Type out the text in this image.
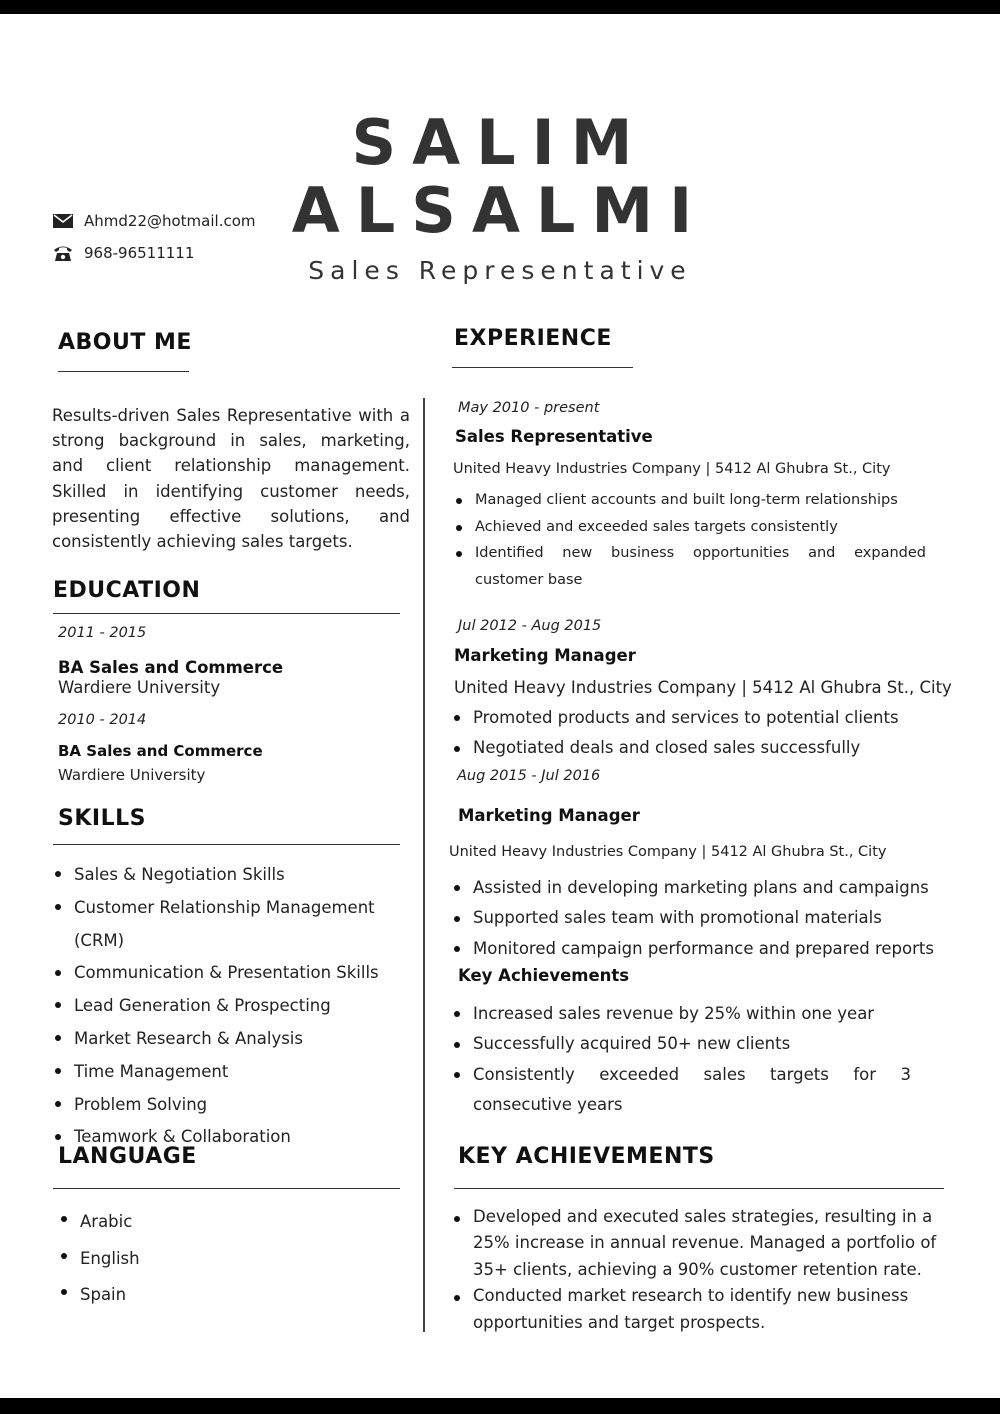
SALIM
ALSALMI
Sales Representative
Ahmd22@hotmail.com
968-96511111
ABOUT ME
Results-driven Sales Representative with a strong background in sales, marketing, and client relationship management. Skilled in identifying customer needs, presenting effective solutions, and consistently achieving sales targets.
EDUCATION
2011 - 2015
BA Sales and Commerce
Wardiere University
2010 - 2014
BA Sales and Commerce
Wardiere University
SKILLS
Sales & Negotiation Skills
Customer Relationship Management (CRM)
Communication & Presentation Skills
Lead Generation & Prospecting
Market Research & Analysis
Time Management
Problem Solving
Teamwork & Collaboration
LANGUAGE
Arabic
English
Spain
EXPERIENCE
May 2010 - present
Sales Representative
United Heavy Industries Company | 5412 Al Ghubra St., City
Managed client accounts and built long-term relationships
Achieved and exceeded sales targets consistently
Identified new business opportunities and expanded customer base
Jul 2012 - Aug 2015
Marketing Manager
United Heavy Industries Company | 5412 Al Ghubra St., City
Promoted products and services to potential clients
Negotiated deals and closed sales successfully
Aug 2015 - Jul 2016
Marketing Manager
United Heavy Industries Company | 5412 Al Ghubra St., City
Assisted in developing marketing plans and campaigns
Supported sales team with promotional materials
Monitored campaign performance and prepared reports
Key Achievements
Increased sales revenue by 25% within one year
Successfully acquired 50+ new clients
Consistently exceeded sales targets for 3 consecutive years
KEY ACHIEVEMENTS
Developed and executed sales strategies, resulting in a 25% increase in annual revenue. Managed a portfolio of 35+ clients, achieving a 90% customer retention rate.
Conducted market research to identify new business opportunities and target prospects.
